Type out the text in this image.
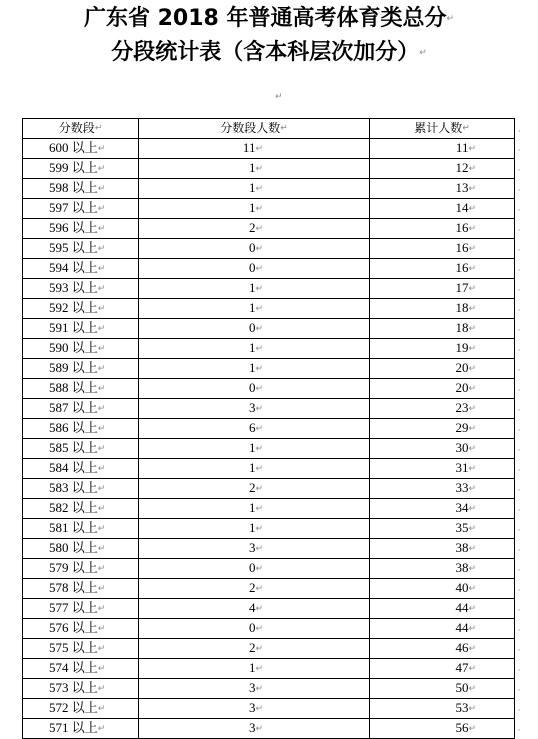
广东省 2018 年普通高考体育类总分↵
分段统计表（含本科层次加分）↵
↵
分数段↵	分数段人数↵	累计人数↵
600 以上↵	11↵	11↵
599 以上↵	1↵	12↵
598 以上↵	1↵	13↵
597 以上↵	1↵	14↵
596 以上↵	2↵	16↵
595 以上↵	0↵	16↵
594 以上↵	0↵	16↵
593 以上↵	1↵	17↵
592 以上↵	1↵	18↵
591 以上↵	0↵	18↵
590 以上↵	1↵	19↵
589 以上↵	1↵	20↵
588 以上↵	0↵	20↵
587 以上↵	3↵	23↵
586 以上↵	6↵	29↵
585 以上↵	1↵	30↵
584 以上↵	1↵	31↵
583 以上↵	2↵	33↵
582 以上↵	1↵	34↵
581 以上↵	1↵	35↵
580 以上↵	3↵	38↵
579 以上↵	0↵	38↵
578 以上↵	2↵	40↵
577 以上↵	4↵	44↵
576 以上↵	0↵	44↵
575 以上↵	2↵	46↵
574 以上↵	1↵	47↵
573 以上↵	3↵	50↵
572 以上↵	3↵	53↵
571 以上↵	3↵	56↵
¸
¸
¸
¸
¸
¸
¸
¸
¸
¸
¸
¸
¸
¸
¸
¸
¸
¸
¸
¸
¸
¸
¸
¸
¸
¸
¸
¸
¸
¸
¸
